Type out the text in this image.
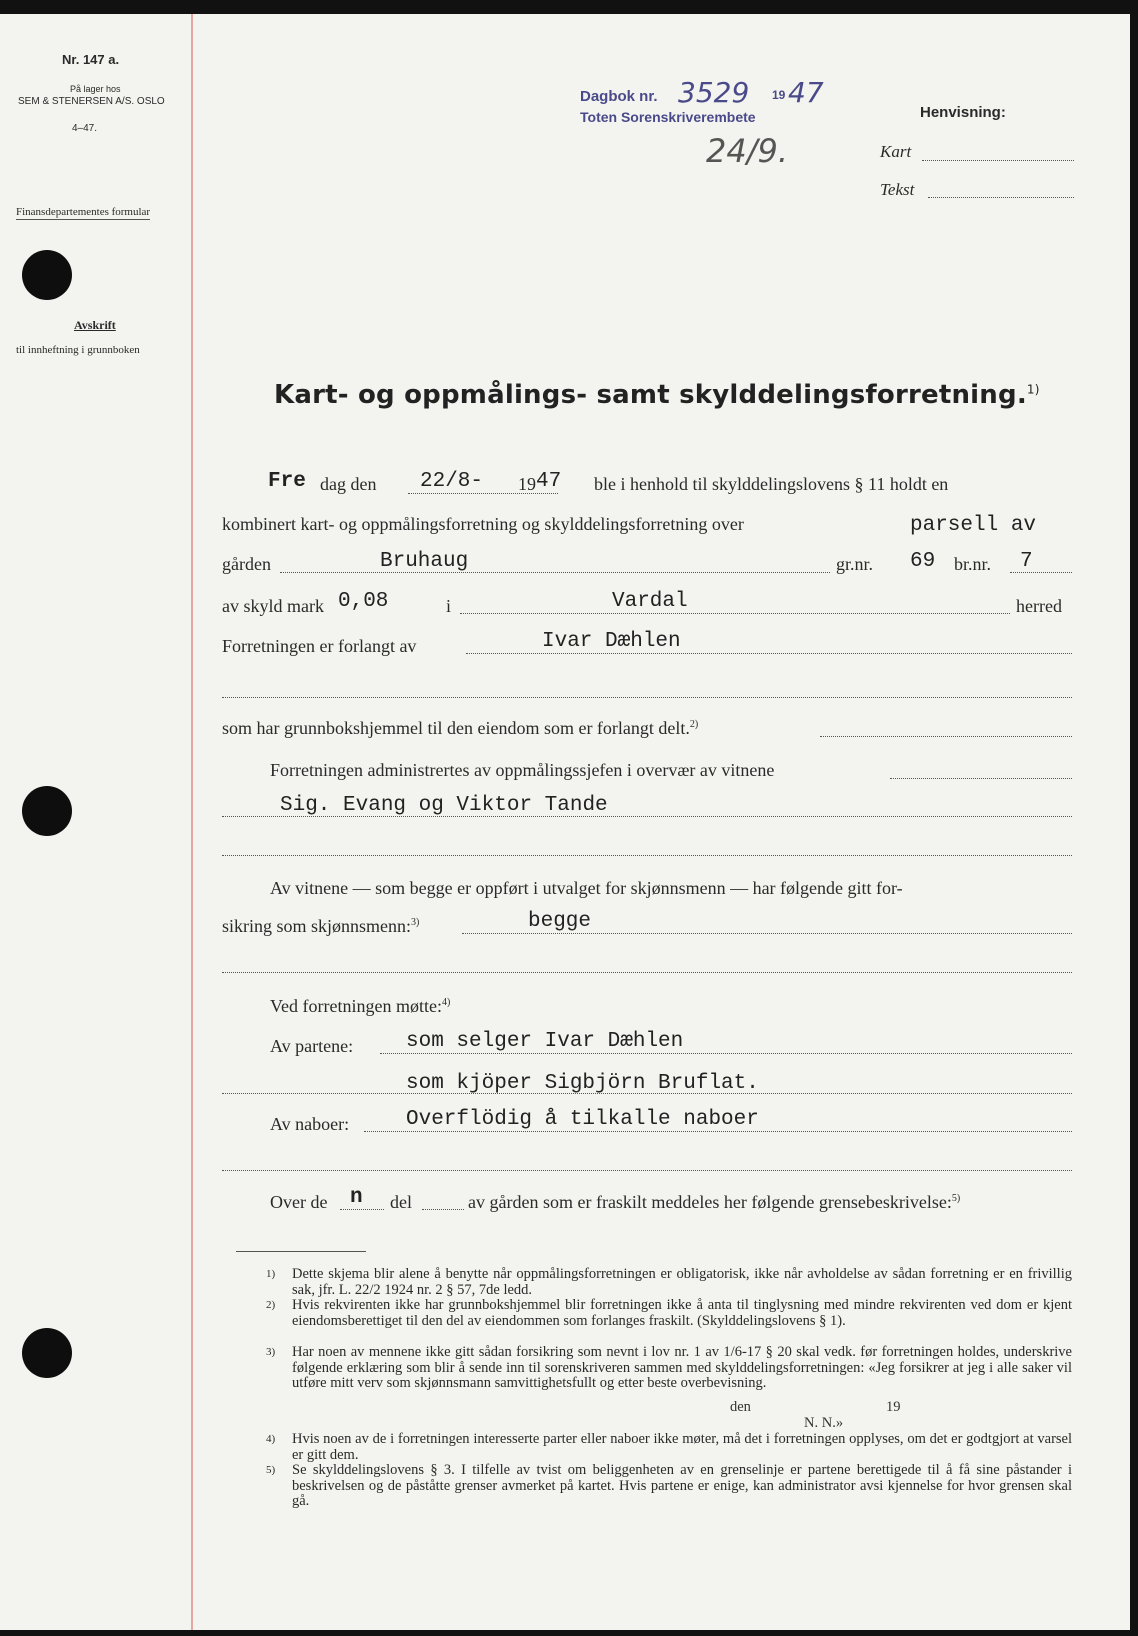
Nr. 147 a.
På lager hos
SEM & STENERSEN A/S. OSLO
4–47.
Finansdepartementes formular
Avskrift
til innheftning i grunnboken
Dagbok nr. 3529 19 47
Toten Sorenskriverembete
24/9.
Henvisning:
Kart
Tekst
Kart- og oppmålings- samt skylddelingsforretning.$^{1)}$
Fre dag den 22/8- 19 47 ble i henhold til skylddelingslovens § 11 holdt en
kombinert kart- og oppmålingsforretning og skylddelingsforretning over	parsell av
gården	Bruhaug	gr.nr. 69 br.nr. 7
av skyld mark 0,08	i	Vardal	herred
Forretningen er forlangt av	Ivar Dæhlen
som har grunnbokshjemmel til den eiendom som er forlangt delt.$^{2)}$
Forretningen administrertes av oppmålingssjefen i overvær av vitnene
Sig. Evang og Viktor Tande
Av vitnene — som begge er oppført i utvalget for skjønnsmenn — har følgende gitt for-
sikring som skjønnsmenn:$^{3)}$	begge
Ved forretningen møtte:$^{4)}$
Av partene:	som selger Ivar Dæhlen
som kjöper Sigbjörn Bruflat.
Av naboer:	Overflödig å tilkalle naboer
Over de n del	av gården som er fraskilt meddeles her følgende grensebeskrivelse:$^{5)}$
1) Dette skjema blir alene å benytte når oppmålingsforretningen er obligatorisk, ikke når avholdelse av sådan forretning er en frivillig sak, jfr. L. 22/2 1924 nr. 2 § 57, 7de ledd.
2) Hvis rekvirenten ikke har grunnbokshjemmel blir forretningen ikke å anta til tinglysning med mindre rekvirenten ved dom er kjent eiendomsberettiget til den del av eiendommen som forlanges fraskilt. (Skylddelingslovens § 1).
3) Har noen av mennene ikke gitt sådan forsikring som nevnt i lov nr. 1 av 1/6-17 § 20 skal vedk. før forretningen holdes, underskrive følgende erklæring som blir å sende inn til sorenskriveren sammen med skylddelingsforretningen: «Jeg forsikrer at jeg i alle saker vil utføre mitt verv som skjønnsmann samvittighetsfullt og etter beste overbevisning.
den	19
N. N.»
4) Hvis noen av de i forretningen interesserte parter eller naboer ikke møter, må det i forretningen opplyses, om det er godtgjort at varsel er gitt dem.
5) Se skylddelingslovens § 3. I tilfelle av tvist om beliggenheten av en grenselinje er partene berettigede til å få sine påstander i beskrivelsen og de påståtte grenser avmerket på kartet. Hvis partene er enige, kan administrator avsi kjennelse for hvor grensen skal gå.
